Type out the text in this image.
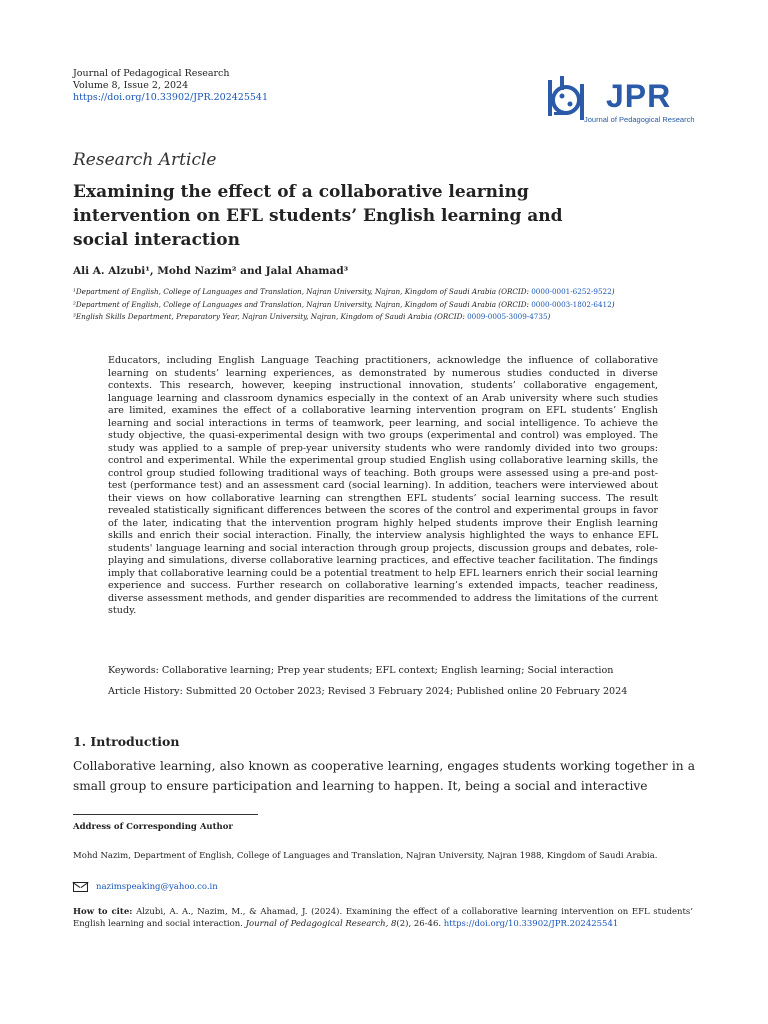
Journal of Pedagogical Research
Volume 8, Issue 2, 2024
https://doi.org/10.33902/JPR.202425541	JPR
Journal of Pedagogical Research
Research Article
Examining the effect of a collaborative learning intervention on EFL students’ English learning and social interaction
Ali A. Alzubi¹, Mohd Nazim² and Jalal Ahamad³
¹Department of English, College of Languages and Translation, Najran University, Najran, Kingdom of Saudi Arabia (ORCID: 0000-0001-6252-9522)
²Department of English, College of Languages and Translation, Najran University, Najran, Kingdom of Saudi Arabia (ORCID: 0000-0003-1802-6412)
³English Skills Department, Preparatory Year, Najran University, Najran, Kingdom of Saudi Arabia (ORCID: 0009-0005-3009-4735)
Educators, including English Language Teaching practitioners, acknowledge the influence of collaborative learning on students’ learning experiences, as demonstrated by numerous studies conducted in diverse contexts. This research, however, keeping instructional innovation, students’ collaborative engagement, language learning and classroom dynamics especially in the context of an Arab university where such studies are limited, examines the effect of a collaborative learning intervention program on EFL students’ English learning and social interactions in terms of teamwork, peer learning, and social intelligence. To achieve the study objective, the quasi-experimental design with two groups (experimental and control) was employed. The study was applied to a sample of prep-year university students who were randomly divided into two groups: control and experimental. While the experimental group studied English using collaborative learning skills, the control group studied following traditional ways of teaching. Both groups were assessed using a pre-and post-test (performance test) and an assessment card (social learning). In addition, teachers were interviewed about their views on how collaborative learning can strengthen EFL students’ social learning success. The result revealed statistically significant differences between the scores of the control and experimental groups in favor of the later, indicating that the intervention program highly helped students improve their English learning skills and enrich their social interaction. Finally, the interview analysis highlighted the ways to enhance EFL students' language learning and social interaction through group projects, discussion groups and debates, role-playing and simulations, diverse collaborative learning practices, and effective teacher facilitation. The findings imply that collaborative learning could be a potential treatment to help EFL learners enrich their social learning experience and success. Further research on collaborative learning’s extended impacts, teacher readiness, diverse assessment methods, and gender disparities are recommended to address the limitations of the current study.
Keywords: Collaborative learning; Prep year students; EFL context; English learning; Social interaction
Article History: Submitted 20 October 2023; Revised 3 February 2024; Published online 20 February 2024
1. Introduction
Collaborative learning, also known as cooperative learning, engages students working together in a small group to ensure participation and learning to happen. It, being a social and interactive
Address of Corresponding Author
Mohd Nazim, Department of English, College of Languages and Translation, Najran University, Najran 1988, Kingdom of Saudi Arabia.
nazimspeaking@yahoo.co.in
How to cite: Alzubi, A. A., Nazim, M., & Ahamad, J. (2024). Examining the effect of a collaborative learning intervention on EFL students’ English learning and social interaction. Journal of Pedagogical Research, 8(2), 26-46. https://doi.org/10.33902/JPR.202425541
